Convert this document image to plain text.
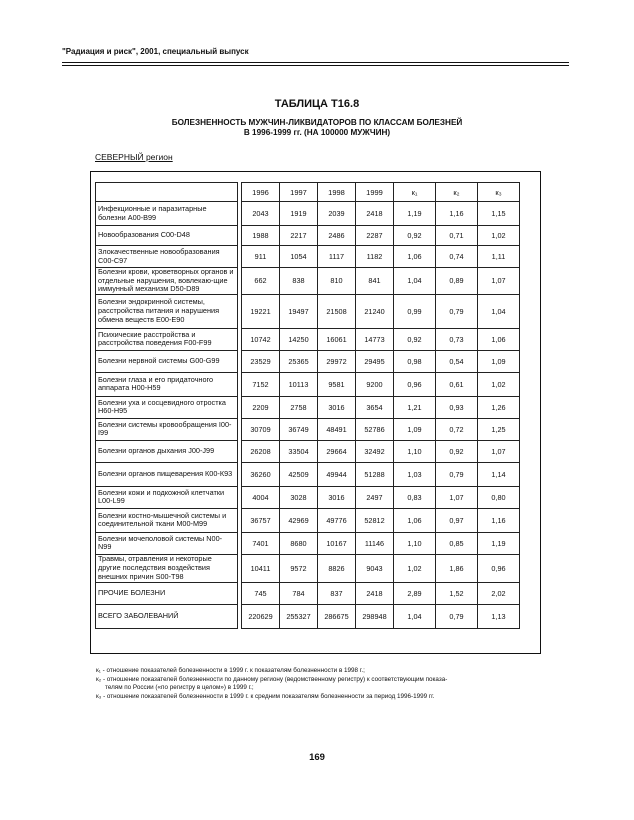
"Радиация и риск", 2001, специальный выпуск
ТАБЛИЦА Т16.8
БОЛЕЗНЕННОСТЬ МУЖЧИН-ЛИКВИДАТОРОВ ПО КЛАССАМ БОЛЕЗНЕЙ
В 1996-1999 гг. (НА 100000 МУЖЧИН)
СЕВЕРНЫЙ регион
		1996	1997	1998	1999	к₁	к₂	к₃
Инфекционные и паразитарные болезни А00-В99		2043	1919	2039	2418	1,19	1,16	1,15
Новообразования С00-D48		1988	2217	2486	2287	0,92	0,71	1,02
Злокачественные новообразования С00-С97		911	1054	1117	1182	1,06	0,74	1,11
Болезни крови, кроветворных органов и отдельные нарушения, вовлекаю-щие иммунный механизм D50-D89		662	838	810	841	1,04	0,89	1,07
Болезни эндокринной системы, расстройства питания и нарушения обмена веществ Е00-Е90		19221	19497	21508	21240	0,99	0,79	1,04
Психические расстройства и расстройства поведения F00-F99		10742	14250	16061	14773	0,92	0,73	1,06
Болезни нервной системы G00-G99		23529	25365	29972	29495	0,98	0,54	1,09
Болезни глаза и его придаточного аппарата Н00-Н59		7152	10113	9581	9200	0,96	0,61	1,02
Болезни уха и сосцевидного отростка Н60-Н95		2209	2758	3016	3654	1,21	0,93	1,26
Болезни системы кровообращения I00-I99		30709	36749	48491	52786	1,09	0,72	1,25
Болезни органов дыхания J00-J99		26208	33504	29664	32492	1,10	0,92	1,07
Болезни органов пищеварения К00-К93		36260	42509	49944	51288	1,03	0,79	1,14
Болезни кожи и подкожной клетчатки L00-L99		4004	3028	3016	2497	0,83	1,07	0,80
Болезни костно-мышечной системы и соединительной ткани M00-M99		36757	42969	49776	52812	1,06	0,97	1,16
Болезни мочеполовой системы N00-N99		7401	8680	10167	11146	1,10	0,85	1,19
Травмы, отравления и некоторые другие последствия воздействия внешних причин S00-T98		10411	9572	8826	9043	1,02	1,86	0,96
ПРОЧИЕ БОЛЕЗНИ		745	784	837	2418	2,89	1,52	2,02
ВСЕГО ЗАБОЛЕВАНИЙ		220629	255327	286675	298948	1,04	0,79	1,13
к₁ - отношение показателей болезненности в 1999 г. к показателям болезненности в 1998 г.;
к₂ - отношение показателей болезненности по данному региону (ведомственному регистру) к соответствующим показа-
телям по России («по регистру в целом») в 1999 г.;
к₃ - отношение показателей болезненности в 1999 г. к средним показателям болезненности за период 1996-1999 гг.
169
